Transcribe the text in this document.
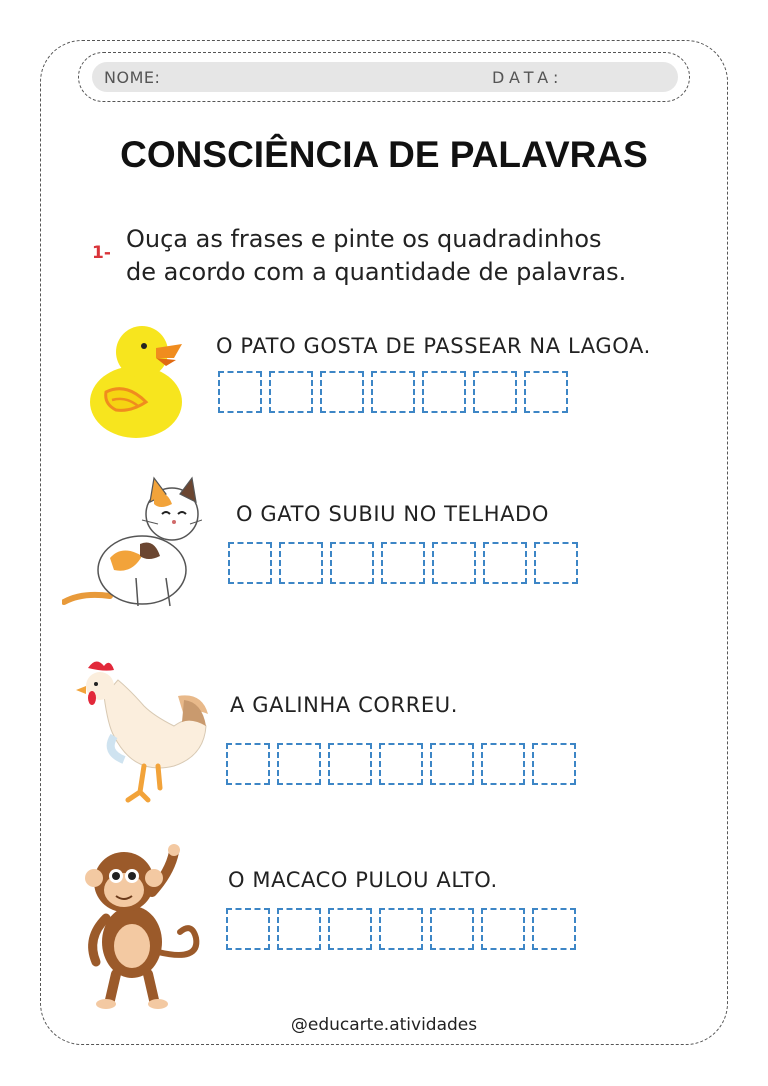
NOME:	DATA:
CONSCIÊNCIA DE PALAVRAS
1- Ouça as frases e pinte os quadradinhos
de acordo com a quantidade de palavras.
O PATO GOSTA DE PASSEAR NA LAGOA.
O GATO SUBIU NO TELHADO
A GALINHA CORREU.
O MACACO PULOU ALTO.
@educarte.atividades
